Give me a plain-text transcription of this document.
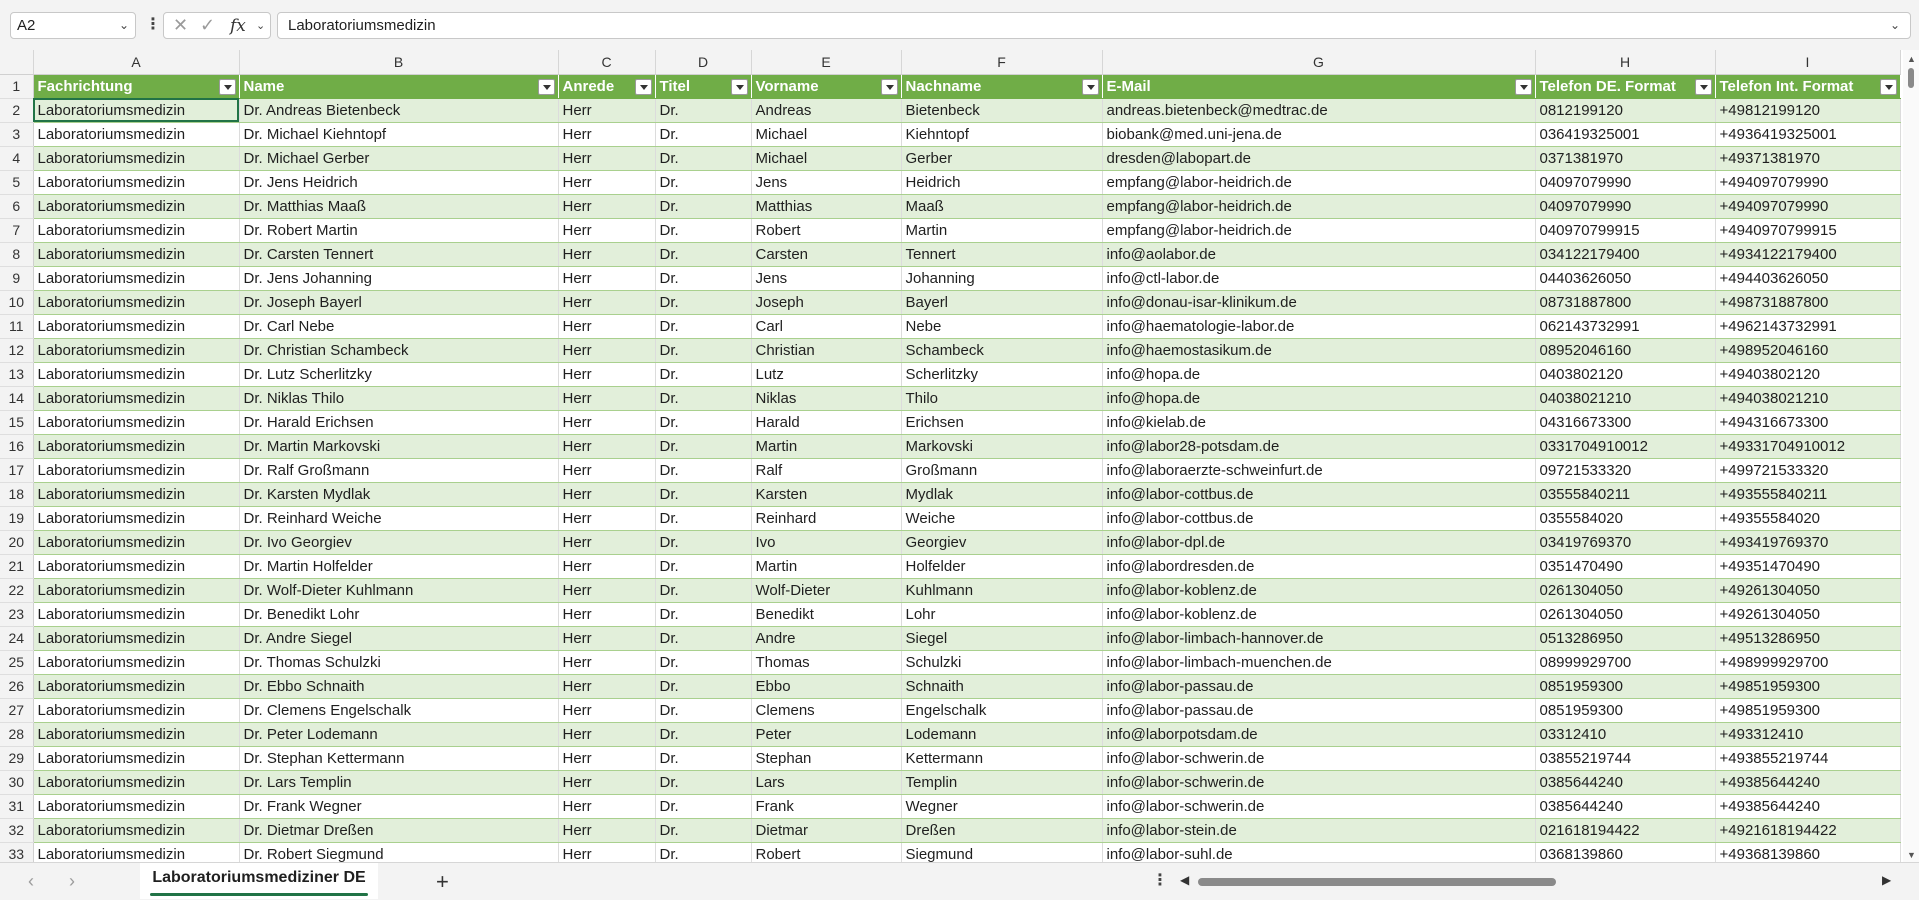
A2	⌄ ⋮ ✕ ✓ fx ⌄	Laboratoriumsmedizin	⌄
	A	B	C	D	E	F	G	H	I
1	Fachrichtung	Name	Anrede	Titel	Vorname	Nachname	E-Mail	Telefon DE. Format	Telefon Int. Format

2	Laboratoriumsmedizin	Dr. Andreas Bietenbeck	Herr	Dr.	Andreas	Bietenbeck	andreas.bietenbeck@medtrac.de	0812199120	+49812199120
3	Laboratoriumsmedizin	Dr. Michael Kiehntopf	Herr	Dr.	Michael	Kiehntopf	biobank@med.uni-jena.de	036419325001	+4936419325001
4	Laboratoriumsmedizin	Dr. Michael Gerber	Herr	Dr.	Michael	Gerber	dresden@labopart.de	0371381970	+49371381970
5	Laboratoriumsmedizin	Dr. Jens Heidrich	Herr	Dr.	Jens	Heidrich	empfang@labor-heidrich.de	04097079990	+494097079990
6	Laboratoriumsmedizin	Dr. Matthias Maaß	Herr	Dr.	Matthias	Maaß	empfang@labor-heidrich.de	04097079990	+494097079990
7	Laboratoriumsmedizin	Dr. Robert Martin	Herr	Dr.	Robert	Martin	empfang@labor-heidrich.de	040970799915	+4940970799915
8	Laboratoriumsmedizin	Dr. Carsten Tennert	Herr	Dr.	Carsten	Tennert	info@aolabor.de	034122179400	+4934122179400
9	Laboratoriumsmedizin	Dr. Jens Johanning	Herr	Dr.	Jens	Johanning	info@ctl-labor.de	04403626050	+494403626050
10	Laboratoriumsmedizin	Dr. Joseph Bayerl	Herr	Dr.	Joseph	Bayerl	info@donau-isar-klinikum.de	08731887800	+498731887800
11	Laboratoriumsmedizin	Dr. Carl Nebe	Herr	Dr.	Carl	Nebe	info@haematologie-labor.de	062143732991	+4962143732991
12	Laboratoriumsmedizin	Dr. Christian Schambeck	Herr	Dr.	Christian	Schambeck	info@haemostasikum.de	08952046160	+498952046160
13	Laboratoriumsmedizin	Dr. Lutz Scherlitzky	Herr	Dr.	Lutz	Scherlitzky	info@hopa.de	0403802120	+49403802120
14	Laboratoriumsmedizin	Dr. Niklas Thilo	Herr	Dr.	Niklas	Thilo	info@hopa.de	04038021210	+494038021210
15	Laboratoriumsmedizin	Dr. Harald Erichsen	Herr	Dr.	Harald	Erichsen	info@kielab.de	04316673300	+494316673300
16	Laboratoriumsmedizin	Dr. Martin Markovski	Herr	Dr.	Martin	Markovski	info@labor28-potsdam.de	0331704910012	+49331704910012
17	Laboratoriumsmedizin	Dr. Ralf Großmann	Herr	Dr.	Ralf	Großmann	info@laboraerzte-schweinfurt.de	09721533320	+499721533320
18	Laboratoriumsmedizin	Dr. Karsten Mydlak	Herr	Dr.	Karsten	Mydlak	info@labor-cottbus.de	03555840211	+493555840211
19	Laboratoriumsmedizin	Dr. Reinhard Weiche	Herr	Dr.	Reinhard	Weiche	info@labor-cottbus.de	0355584020	+49355584020
20	Laboratoriumsmedizin	Dr. Ivo Georgiev	Herr	Dr.	Ivo	Georgiev	info@labor-dpl.de	03419769370	+493419769370
21	Laboratoriumsmedizin	Dr. Martin Holfelder	Herr	Dr.	Martin	Holfelder	info@labordresden.de	0351470490	+49351470490
22	Laboratoriumsmedizin	Dr. Wolf-Dieter Kuhlmann	Herr	Dr.	Wolf-Dieter	Kuhlmann	info@labor-koblenz.de	0261304050	+49261304050
23	Laboratoriumsmedizin	Dr. Benedikt Lohr	Herr	Dr.	Benedikt	Lohr	info@labor-koblenz.de	0261304050	+49261304050
24	Laboratoriumsmedizin	Dr. Andre Siegel	Herr	Dr.	Andre	Siegel	info@labor-limbach-hannover.de	0513286950	+49513286950
25	Laboratoriumsmedizin	Dr. Thomas Schulzki	Herr	Dr.	Thomas	Schulzki	info@labor-limbach-muenchen.de	08999929700	+498999929700
26	Laboratoriumsmedizin	Dr. Ebbo Schnaith	Herr	Dr.	Ebbo	Schnaith	info@labor-passau.de	0851959300	+49851959300
27	Laboratoriumsmedizin	Dr. Clemens Engelschalk	Herr	Dr.	Clemens	Engelschalk	info@labor-passau.de	0851959300	+49851959300
28	Laboratoriumsmedizin	Dr. Peter Lodemann	Herr	Dr.	Peter	Lodemann	info@laborpotsdam.de	03312410	+493312410
29	Laboratoriumsmedizin	Dr. Stephan Kettermann	Herr	Dr.	Stephan	Kettermann	info@labor-schwerin.de	03855219744	+493855219744
30	Laboratoriumsmedizin	Dr. Lars Templin	Herr	Dr.	Lars	Templin	info@labor-schwerin.de	0385644240	+49385644240
31	Laboratoriumsmedizin	Dr. Frank Wegner	Herr	Dr.	Frank	Wegner	info@labor-schwerin.de	0385644240	+49385644240
32	Laboratoriumsmedizin	Dr. Dietmar Dreßen	Herr	Dr.	Dietmar	Dreßen	info@labor-stein.de	021618194422	+4921618194422
33	Laboratoriumsmedizin	Dr. Robert Siegmund	Herr	Dr.	Robert	Siegmund	info@labor-suhl.de	0368139860	+49368139860
▲
▼
‹ ›	Laboratoriumsmediziner DE	+	⋮ ◀	▶
